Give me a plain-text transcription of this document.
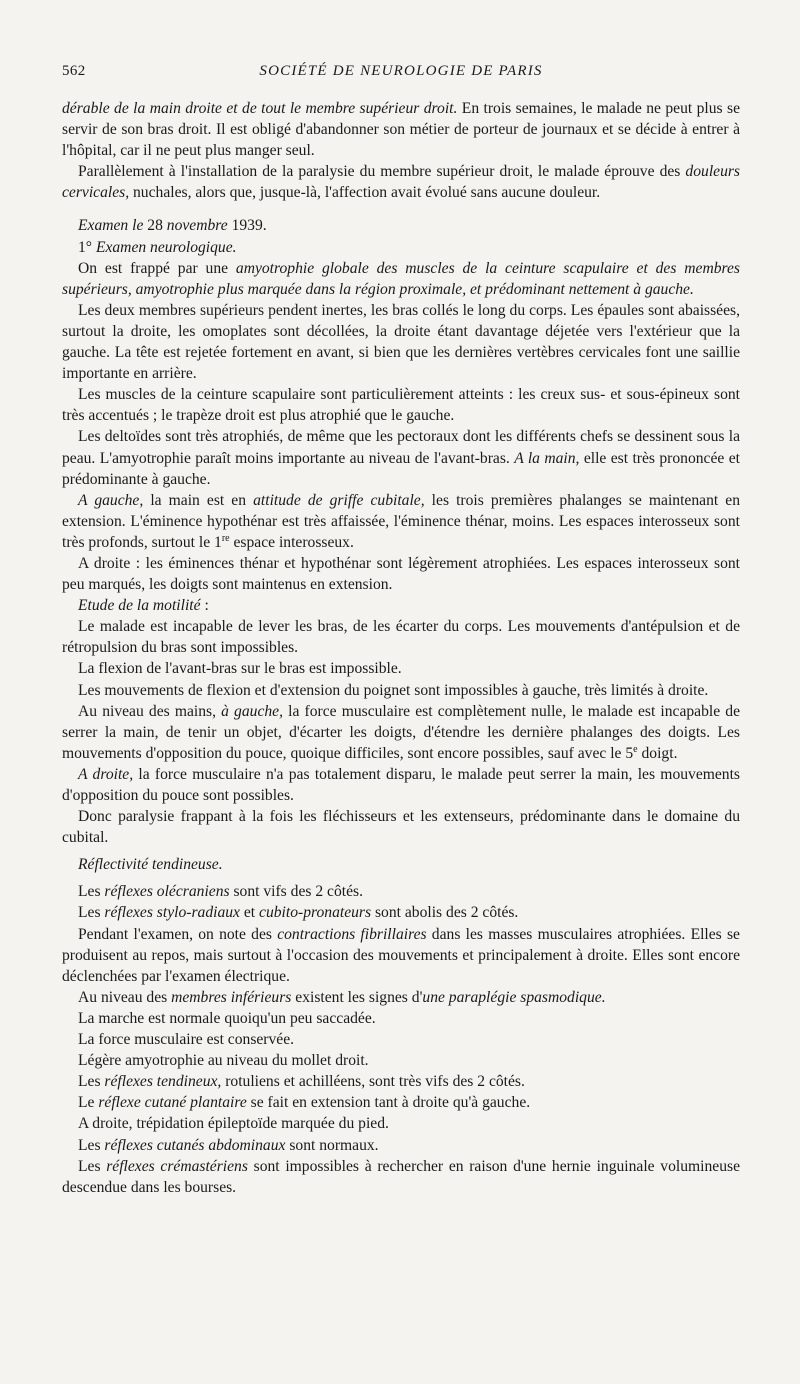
562	SOCIÉTÉ DE NEUROLOGIE DE PARIS

dérable de la main droite et de tout le membre supérieur droit. En trois semaines, le malade ne peut plus se servir de son bras droit. Il est obligé d'abandonner son métier de porteur de journaux et se décide à entrer à l'hôpital, car il ne peut plus manger seul.

Parallèlement à l'installation de la paralysie du membre supérieur droit, le malade éprouve des douleurs cervicales, nuchales, alors que, jusque-là, l'affection avait évolué sans aucune douleur.

Examen le 28 novembre 1939.

1° Examen neurologique.

On est frappé par une amyotrophie globale des muscles de la ceinture scapulaire et des membres supérieurs, amyotrophie plus marquée dans la région proximale, et prédominant nettement à gauche.

Les deux membres supérieurs pendent inertes, les bras collés le long du corps. Les épaules sont abaissées, surtout la droite, les omoplates sont décollées, la droite étant davantage déjetée vers l'extérieur que la gauche. La tête est rejetée fortement en avant, si bien que les dernières vertèbres cervicales font une saillie importante en arrière.

Les muscles de la ceinture scapulaire sont particulièrement atteints : les creux sus- et sous-épineux sont très accentués ; le trapèze droit est plus atrophié que le gauche.

Les deltoïdes sont très atrophiés, de même que les pectoraux dont les différents chefs se dessinent sous la peau. L'amyotrophie paraît moins importante au niveau de l'avant-bras. A la main, elle est très prononcée et prédominante à gauche.

A gauche, la main est en attitude de griffe cubitale, les trois premières phalanges se maintenant en extension. L'éminence hypothénar est très affaissée, l'éminence thénar, moins. Les espaces interosseux sont très profonds, surtout le 1re espace interosseux.

A droite : les éminences thénar et hypothénar sont légèrement atrophiées. Les espaces interosseux sont peu marqués, les doigts sont maintenus en extension.

Etude de la motilité :

Le malade est incapable de lever les bras, de les écarter du corps. Les mouvements d'antépulsion et de rétropulsion du bras sont impossibles.

La flexion de l'avant-bras sur le bras est impossible.

Les mouvements de flexion et d'extension du poignet sont impossibles à gauche, très limités à droite.

Au niveau des mains, à gauche, la force musculaire est complètement nulle, le malade est incapable de serrer la main, de tenir un objet, d'écarter les doigts, d'étendre les dernière phalanges des doigts. Les mouvements d'opposition du pouce, quoique difficiles, sont encore possibles, sauf avec le 5e doigt.

A droite, la force musculaire n'a pas totalement disparu, le malade peut serrer la main, les mouvements d'opposition du pouce sont possibles.

Donc paralysie frappant à la fois les fléchisseurs et les extenseurs, prédominante dans le domaine du cubital.

Réflectivité tendineuse.

Les réflexes olécraniens sont vifs des 2 côtés.

Les réflexes stylo-radiaux et cubito-pronateurs sont abolis des 2 côtés.

Pendant l'examen, on note des contractions fibrillaires dans les masses musculaires atrophiées. Elles se produisent au repos, mais surtout à l'occasion des mouvements et principalement à droite. Elles sont encore déclenchées par l'examen électrique.

Au niveau des membres inférieurs existent les signes d'une paraplégie spasmodique.

La marche est normale quoiqu'un peu saccadée.

La force musculaire est conservée.

Légère amyotrophie au niveau du mollet droit.

Les réflexes tendineux, rotuliens et achilléens, sont très vifs des 2 côtés.

Le réflexe cutané plantaire se fait en extension tant à droite qu'à gauche.

A droite, trépidation épileptoïde marquée du pied.

Les réflexes cutanés abdominaux sont normaux.

Les réflexes crémastériens sont impossibles à rechercher en raison d'une hernie inguinale volumineuse descendue dans les bourses.
